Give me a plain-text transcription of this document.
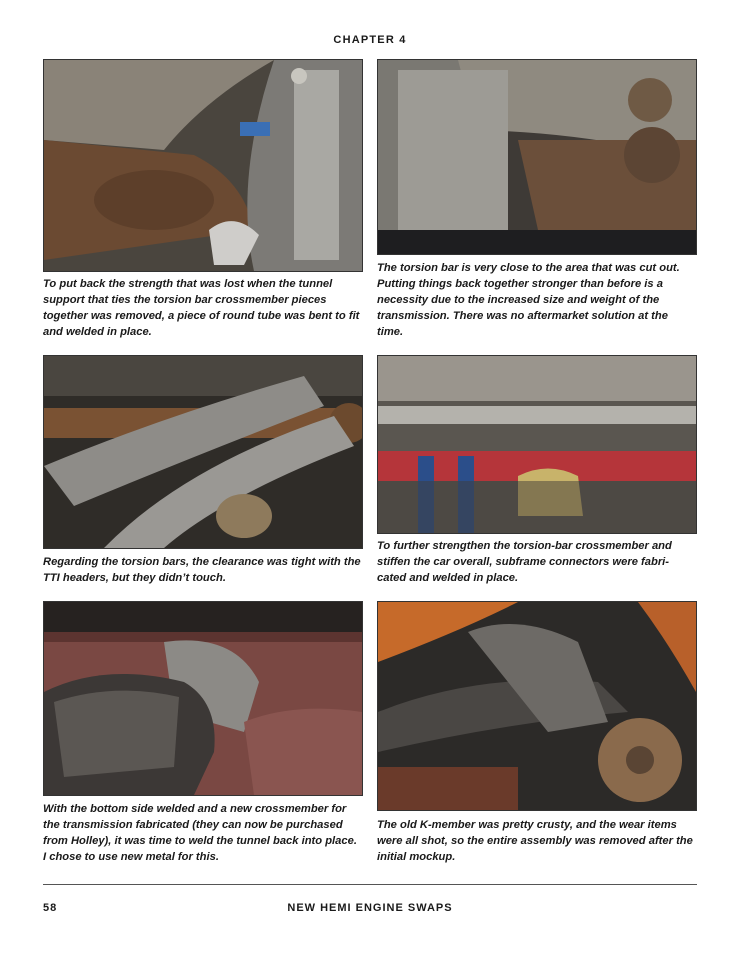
CHAPTER 4

To put back the strength that was lost when the tunnel support that ties the torsion bar crossmember pieces together was removed, a piece of round tube was bent to fit and welded in place.

The torsion bar is very close to the area that was cut out. Putting things back together stronger than before is a necessity due to the increased size and weight of the transmission. There was no aftermarket solution at the time.

Regarding the torsion bars, the clearance was tight with the TTI headers, but they didn’t touch.

To further strengthen the torsion-bar crossmember and stiffen the car overall, subframe connectors were fabri-cated and welded in place.

With the bottom side welded and a new crossmember for the transmission fabricated (they can now be purchased from Holley), it was time to weld the tunnel back into place. I chose to use new metal for this.

The old K-member was pretty crusty, and the wear items were all shot, so the entire assembly was removed after the initial mockup.

58	NEW HEMI ENGINE SWAPS
